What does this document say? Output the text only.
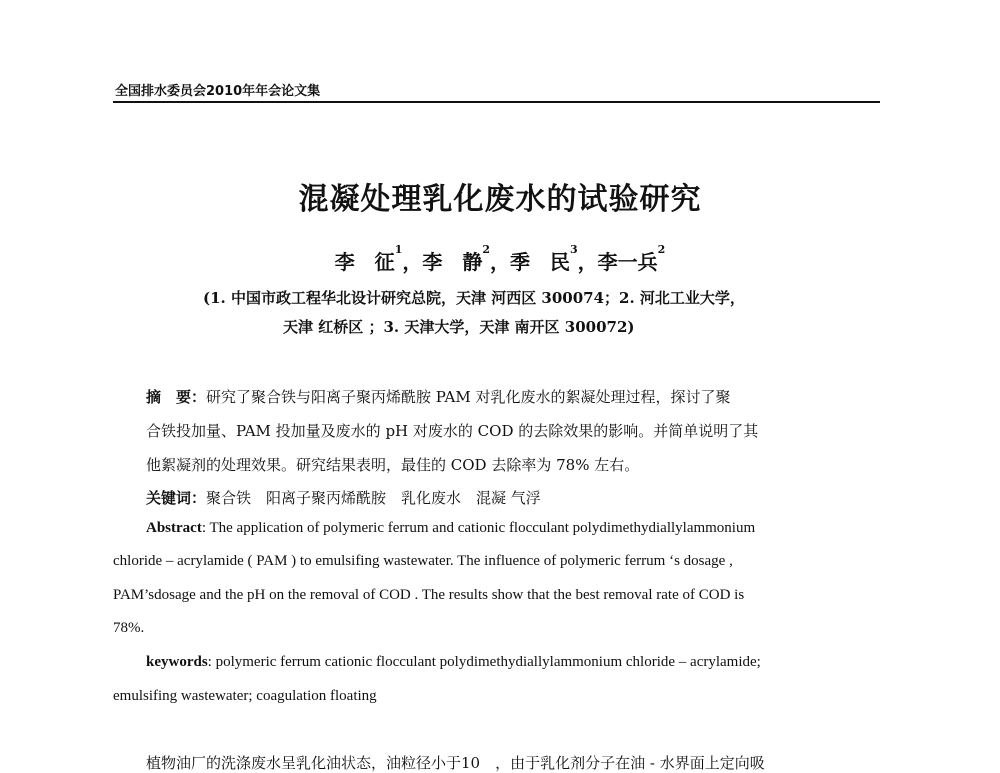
全国排水委员会2010年年会论文集
混凝处理乳化废水的试验研究
李　征$^1$，李　静$^2$，季　民$^3$，李一兵$^2$
(1. 中国市政工程华北设计研究总院，天津 河西区 300074；2. 河北工业大学，
天津 红桥区 ；3. 天津大学，天津 南开区 300072)
摘　要：研究了聚合铁与阳离子聚丙烯酰胺 PAM 对乳化废水的絮凝处理过程，探讨了聚
合铁投加量、PAM 投加量及废水的 pH 对废水的 COD 的去除效果的影响。并简单说明了其
他絮凝剂的处理效果。研究结果表明，最佳的 COD 去除率为 78% 左右。
关键词：聚合铁　阳离子聚丙烯酰胺　乳化废水　混凝 气浮
Abstract: The application of polymeric ferrum and cationic flocculant polydimethydiallylammonium
chloride – acrylamide ( PAM ) to emulsifing wastewater. The influence of polymeric ferrum ‘s dosage ,
PAM’sdosage and the pH on the removal of COD . The results show that the best removal rate of COD is
78%.
keywords: polymeric ferrum cationic flocculant polydimethydiallylammonium chloride – acrylamide;
emulsifing wastewater; coagulation floating
植物油厂的洗涤废水呈乳化油状态，油粒径小于10　，由于乳化剂分子在油 - 水界面上定向吸
